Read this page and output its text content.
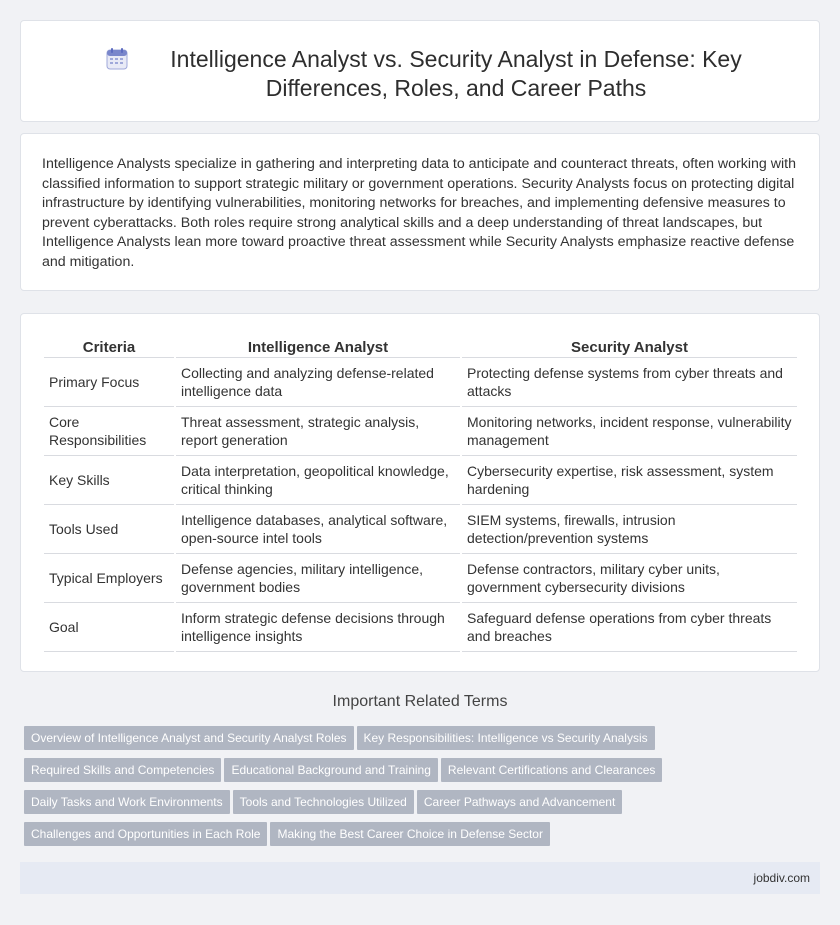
Intelligence Analyst vs. Security Analyst in Defense: Key Differences, Roles, and Career Paths

Intelligence Analysts specialize in gathering and interpreting data to anticipate and counteract threats, often working with classified information to support strategic military or government operations. Security Analysts focus on protecting digital infrastructure by identifying vulnerabilities, monitoring networks for breaches, and implementing defensive measures to prevent cyberattacks. Both roles require strong analytical skills and a deep understanding of threat landscapes, but Intelligence Analysts lean more toward proactive threat assessment while Security Analysts emphasize reactive defense and mitigation.

Criteria	Intelligence Analyst	Security Analyst
Primary Focus	Collecting and analyzing defense-related intelligence data	Protecting defense systems from cyber threats and attacks
Core Responsibilities	Threat assessment, strategic analysis, report generation	Monitoring networks, incident response, vulnerability management
Key Skills	Data interpretation, geopolitical knowledge, critical thinking	Cybersecurity expertise, risk assessment, system hardening
Tools Used	Intelligence databases, analytical software, open-source intel tools	SIEM systems, firewalls, intrusion detection/prevention systems
Typical Employers	Defense agencies, military intelligence, government bodies	Defense contractors, military cyber units, government cybersecurity divisions
Goal	Inform strategic defense decisions through intelligence insights	Safeguard defense operations from cyber threats and breaches
Important Related Terms
Overview of Intelligence Analyst and Security Analyst Roles Key Responsibilities: Intelligence vs Security Analysis
Required Skills and Competencies Educational Background and Training Relevant Certifications and Clearances
Daily Tasks and Work Environments Tools and Technologies Utilized Career Pathways and Advancement
Challenges and Opportunities in Each Role Making the Best Career Choice in Defense Sector
jobdiv.com
